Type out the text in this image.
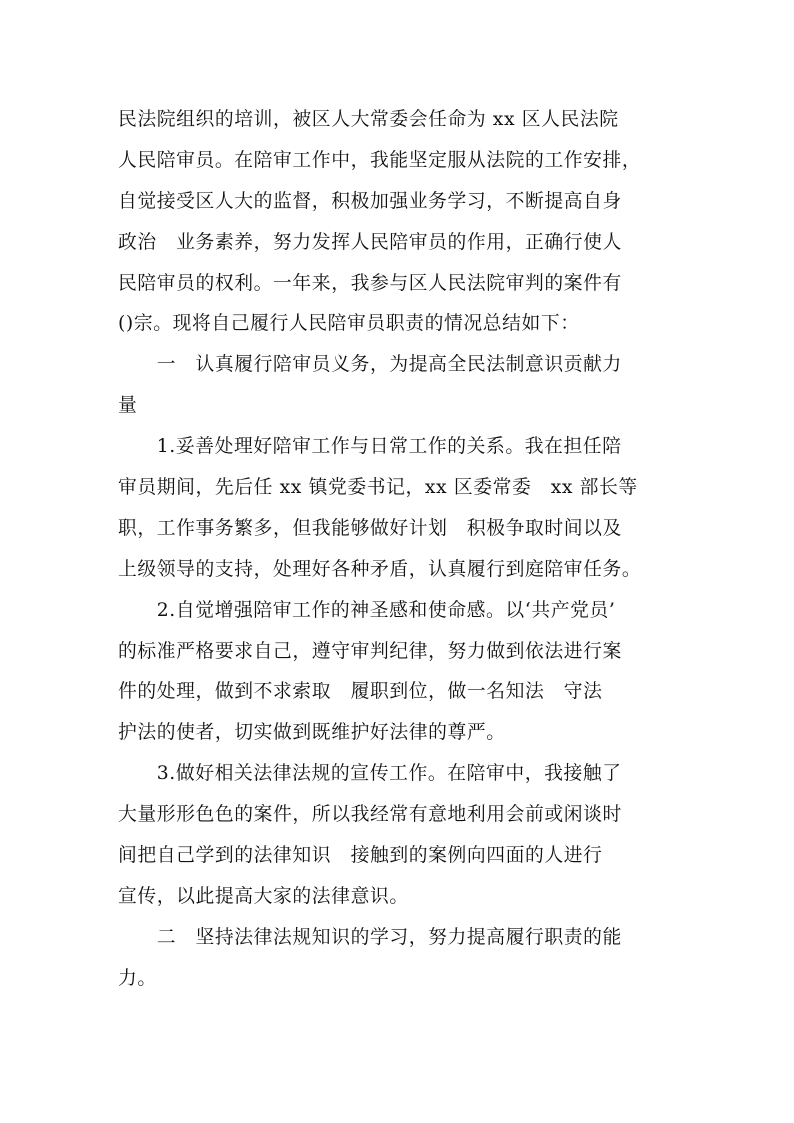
民法院组织的培训，被区人大常委会任命为 xx 区人民法院
人民陪审员。在陪审工作中，我能坚定服从法院的工作安排，
自觉接受区人大的监督，积极加强业务学习，不断提高自身
政治　业务素养，努力发挥人民陪审员的作用，正确行使人
民陪审员的权利。一年来，我参与区人民法院审判的案件有
()宗。现将自己履行人民陪审员职责的情况总结如下：
　　一　认真履行陪审员义务，为提高全民法制意识贡献力
量
　　1.妥善处理好陪审工作与日常工作的关系。我在担任陪
审员期间，先后任 xx 镇党委书记，xx 区委常委　xx 部长等
职，工作事务繁多，但我能够做好计划　积极争取时间以及
上级领导的支持，处理好各种矛盾，认真履行到庭陪审任务。
　　2.自觉增强陪审工作的神圣感和使命感。以‘共产党员’
的标准严格要求自己，遵守审判纪律，努力做到依法进行案
件的处理，做到不求索取　履职到位，做一名知法　守法
护法的使者，切实做到既维护好法律的尊严。
　　3.做好相关法律法规的宣传工作。在陪审中，我接触了
大量形形色色的案件，所以我经常有意地利用会前或闲谈时
间把自己学到的法律知识　接触到的案例向四面的人进行
宣传，以此提高大家的法律意识。
　　二　坚持法律法规知识的学习，努力提高履行职责的能
力。
